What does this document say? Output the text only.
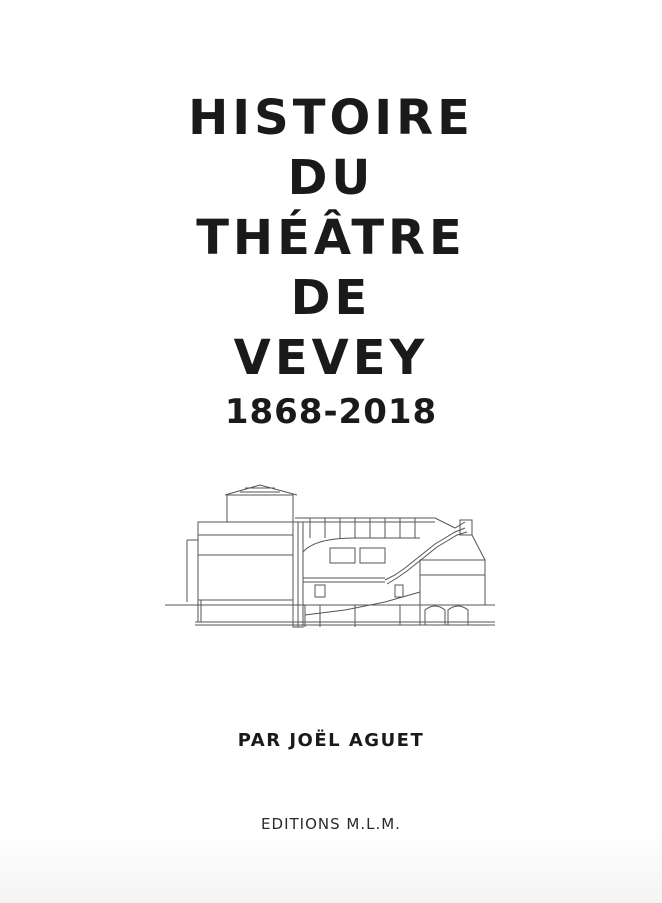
HISTOIRE
DU
THÉÂTRE
DE
VEVEY
1868-2018
PAR JOËL AGUET
EDITIONS M.L.M.
